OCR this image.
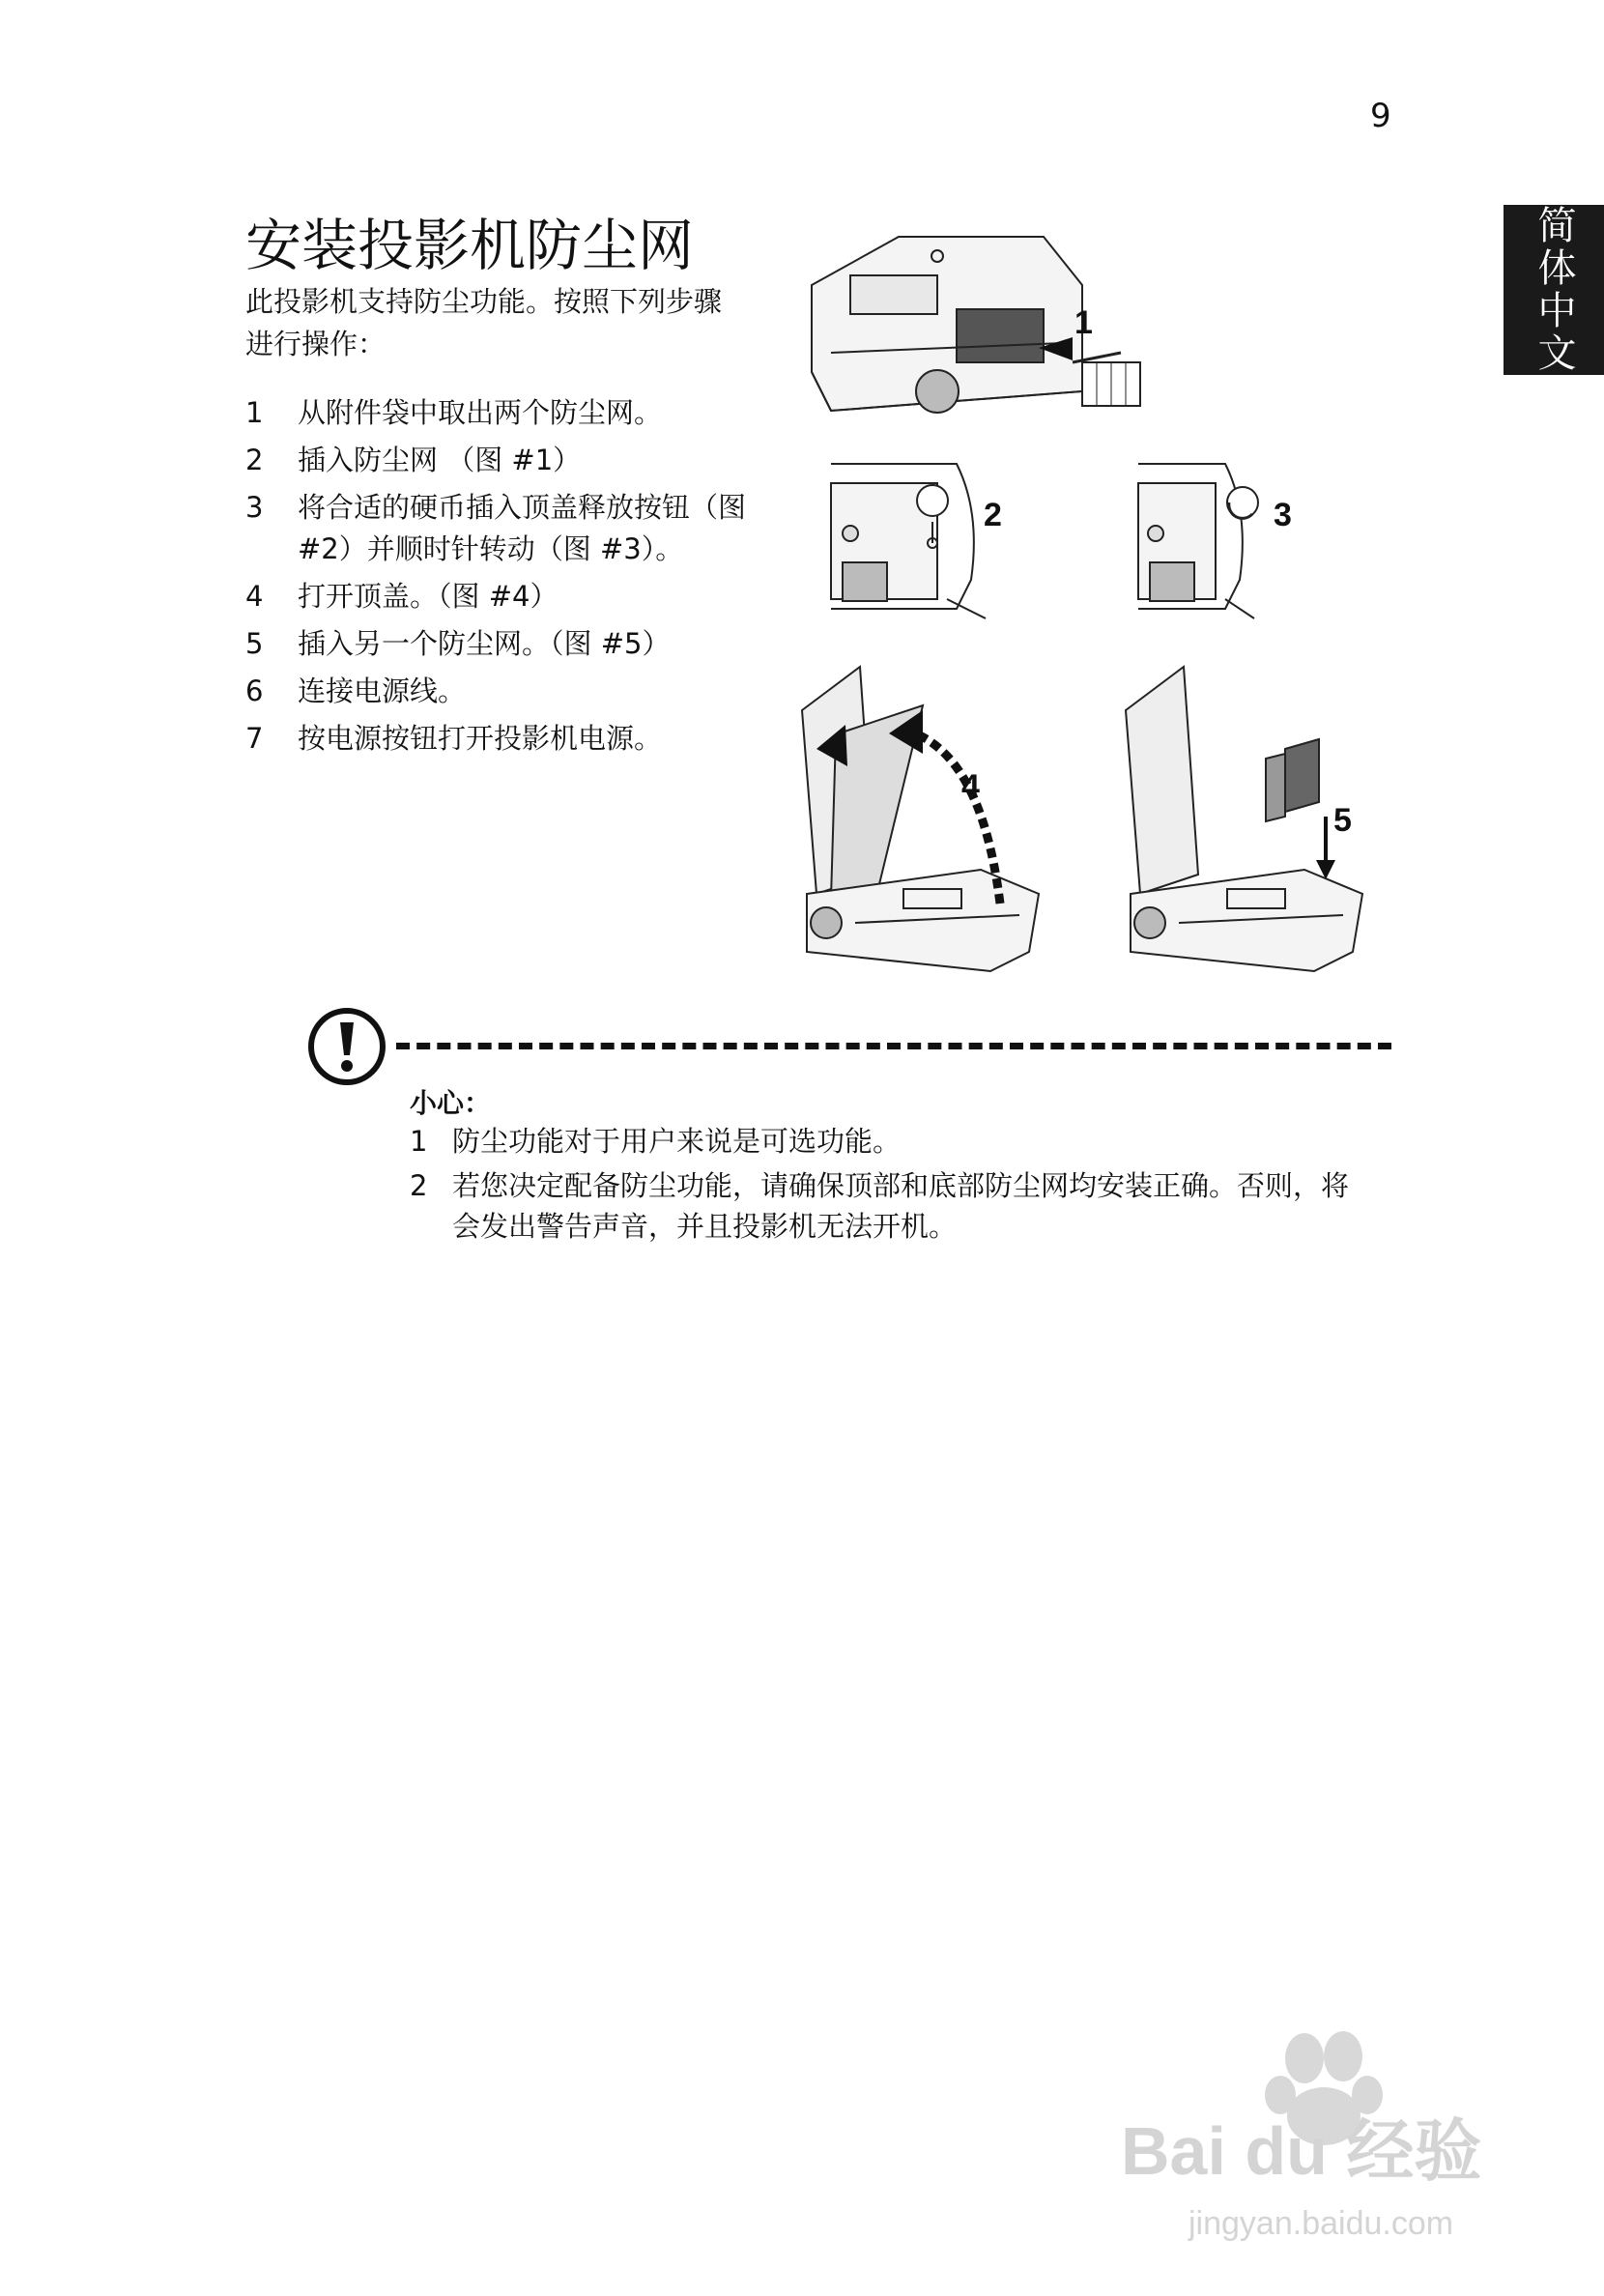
9
简体中文
安装投影机防尘网

此投影机支持防尘功能。按照下列步骤进行操作：

1	从附件袋中取出两个防尘网。
2	插入防尘网 （图 #1）
3	将合适的硬币插入顶盖释放按钮（图 #2）并顺时针转动（图 #3）。
4	打开顶盖。（图 #4）
5	插入另一个防尘网。（图 #5）
6	连接电源线。
7	按电源按钮打开投影机电源。
1
2	3
4
5
小心：
1 防尘功能对于用户来说是可选功能。
2 若您决定配备防尘功能，请确保顶部和底部防尘网均安装正确。否则，将会发出警告声音，并且投影机无法开机。
Bai du 经验
jingyan.baidu.com
